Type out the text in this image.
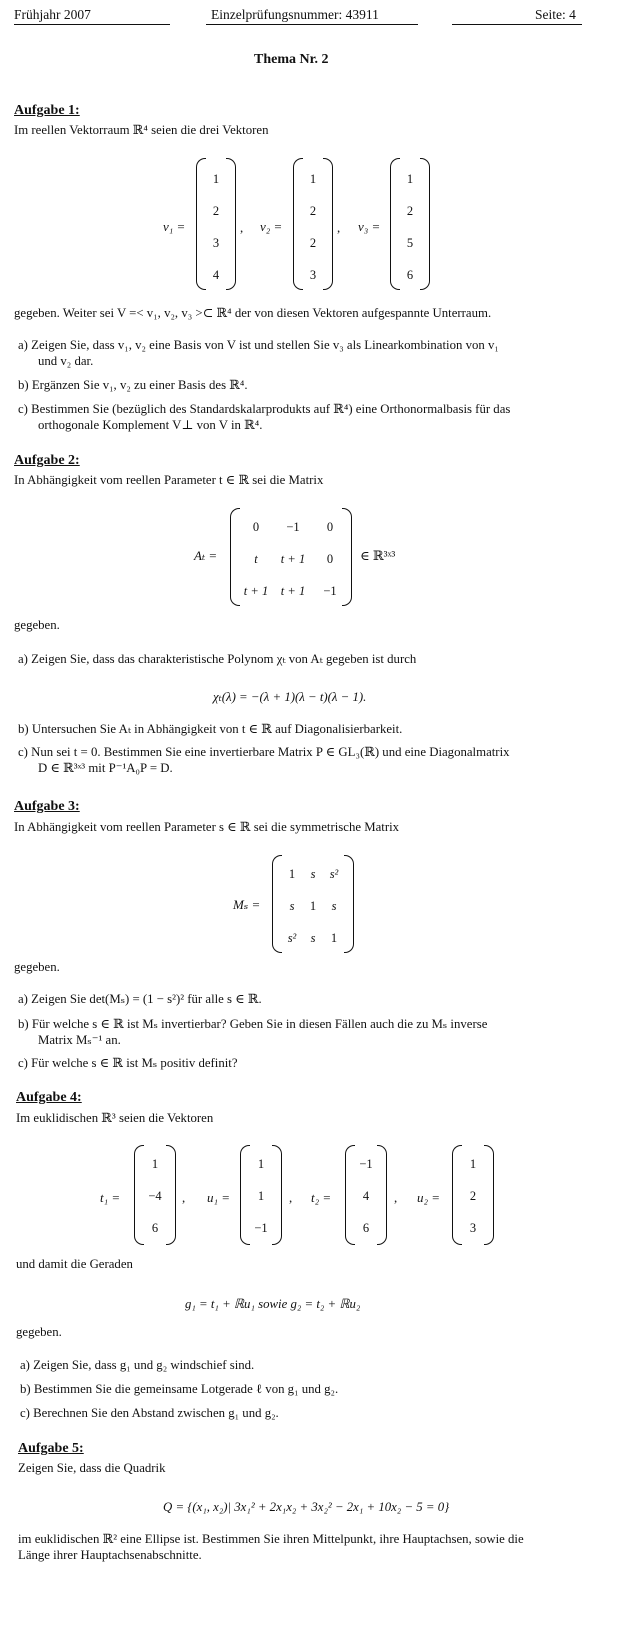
Frühjahr 2007	Einzelprüfungsnummer: 43911	Seite: 4
Thema Nr. 2
Aufgabe 1:
Im reellen Vektorraum ℝ⁴ seien die drei Vektoren
v₁ =
1
2
3
4
, v₂ =
1
2
2
3
, v₃ =
1
2
5
6
gegeben. Weiter sei V =< v₁, v₂, v₃ >⊂ ℝ⁴ der von diesen Vektoren aufgespannte Unterraum.
a) Zeigen Sie, dass v₁, v₂ eine Basis von V ist und stellen Sie v₃ als Linearkombination von v₁
und v₂ dar.
b) Ergänzen Sie v₁, v₂ zu einer Basis des ℝ⁴.
c) Bestimmen Sie (bezüglich des Standardskalarprodukts auf ℝ⁴) eine Orthonormalbasis für das
orthogonale Komplement V⊥ von V in ℝ⁴.
Aufgabe 2:
In Abhängigkeit vom reellen Parameter t ∈ ℝ sei die Matrix
Aₜ =
0	−1	0
t	t + 1	0
t + 1	t + 1	−1
∈ ℝ³ˣ³
gegeben.
a) Zeigen Sie, dass das charakteristische Polynom χₜ von Aₜ gegeben ist durch
χₜ(λ) = −(λ + 1)(λ − t)(λ − 1).
b) Untersuchen Sie Aₜ in Abhängigkeit von t ∈ ℝ auf Diagonalisierbarkeit.
c) Nun sei t = 0. Bestimmen Sie eine invertierbare Matrix P ∈ GL₃(ℝ) und eine Diagonalmatrix
D ∈ ℝ³ˣ³ mit P⁻¹A₀P = D.
Aufgabe 3:
In Abhängigkeit vom reellen Parameter s ∈ ℝ sei die symmetrische Matrix
Mₛ =
1	s	s²
s	1	s
s²	s	1
gegeben.
a) Zeigen Sie det(Mₛ) = (1 − s²)² für alle s ∈ ℝ.
b) Für welche s ∈ ℝ ist Mₛ invertierbar? Geben Sie in diesen Fällen auch die zu Mₛ inverse
Matrix Mₛ⁻¹ an.
c) Für welche s ∈ ℝ ist Mₛ positiv definit?
Aufgabe 4:
Im euklidischen ℝ³ seien die Vektoren
t₁ =
1
−4
6
, u₁ =
1
1
−1
, t₂ =
−1
4
6
, u₂ =
1
2
3
und damit die Geraden
g₁ = t₁ + ℝu₁ sowie g₂ = t₂ + ℝu₂
gegeben.
a) Zeigen Sie, dass g₁ und g₂ windschief sind.
b) Bestimmen Sie die gemeinsame Lotgerade ℓ von g₁ und g₂.
c) Berechnen Sie den Abstand zwischen g₁ und g₂.
Aufgabe 5:
Zeigen Sie, dass die Quadrik
Q = {(x₁, x₂)| 3x₁² + 2x₁x₂ + 3x₂² − 2x₁ + 10x₂ − 5 = 0}
im euklidischen ℝ² eine Ellipse ist. Bestimmen Sie ihren Mittelpunkt, ihre Hauptachsen, sowie die
Länge ihrer Hauptachsenabschnitte.
